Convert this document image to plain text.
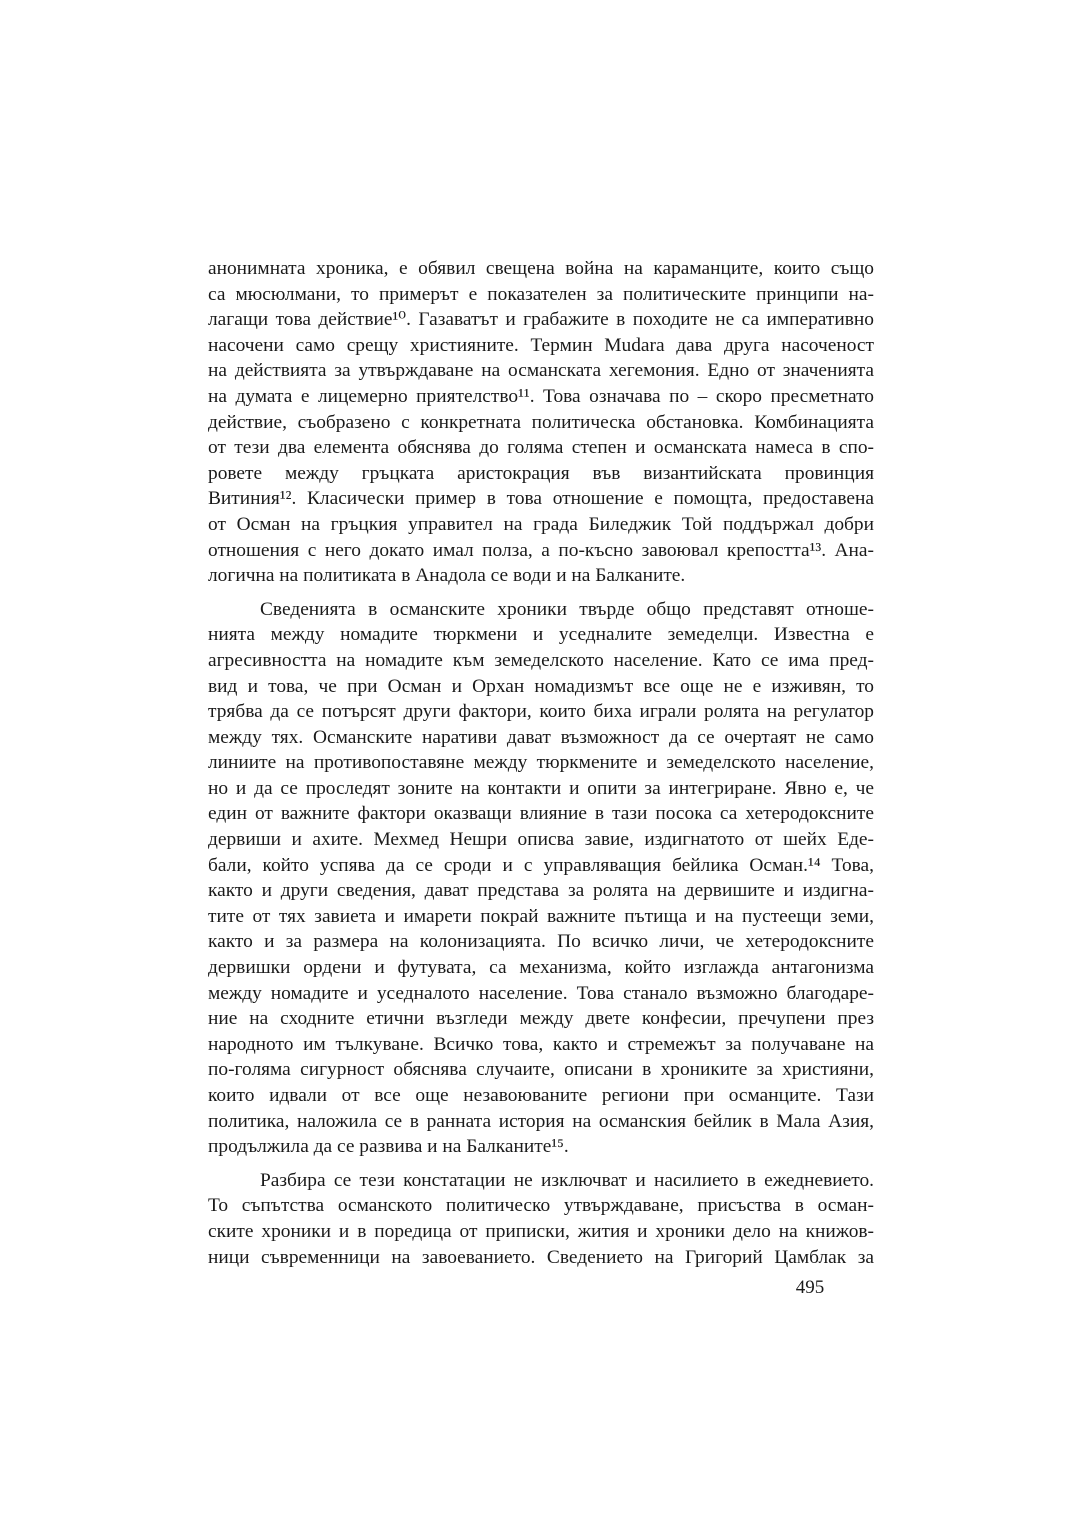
анонимната хроника, е обявил свещена война на караманците, които също
са мюсюлмани, то примерът е показателен за политическите принципи на-
лагащи това действие¹⁰. Газаватът и грабажите в походите не са императивно
насочени само срещу християните. Термин Mudara дава друга насоченост
на действията за утвърждаване на османската хегемония. Едно от значенията
на думата е лицемерно приятелство¹¹. Това означава по – скоро пресметнато
действие, съобразено с конкретната политическа обстановка. Комбинацията
от тези два елемента обяснява до голяма степен и османската намеса в спо-
ровете между гръцката аристокрация във византийската провинция
Витиния¹². Класически пример в това отношение е помощта, предоставена
от Осман на гръцкия управител на града Биледжик Той поддържал добри
отношения с него докато имал полза, а по-късно завоювал крепостта¹³. Ана-
логична на политиката в Анадола се води и на Балканите.
Сведенията в османските хроники твърде общо представят отноше-
нията между номадите тюркмени и уседналите земеделци. Известна е
агресивността на номадите към земеделското население. Като се има пред-
вид и това, че при Осман и Орхан номадизмът все още не е изживян, то
трябва да се потърсят други фактори, които биха играли ролята на регулатор
между тях. Османските наративи дават възможност да се очертаят не само
линиите на противопоставяне между тюркмените и земеделското население,
но и да се проследят зоните на контакти и опити за интегриране. Явно е, че
един от важните фактори оказващи влияние в тази посока са хетеродоксните
дервиши и ахите. Мехмед Нешри описва завие, издигнатото от шейх Еде-
бали, който успява да се сроди и с управляващия бейлика Осман.¹⁴ Това,
както и други сведения, дават представа за ролята на дервишите и издигна-
тите от тях завиета и имарети покрай важните пътища и на пустеещи земи,
както и за размера на колонизацията. По всичко личи, че хетеродоксните
дервишки ордени и футувата, са механизма, който изглажда антагонизма
между номадите и уседналото население. Това станало възможно благодаре-
ние на сходните етични възгледи между двете конфесии, пречупени през
народното им тълкуване. Всичко това, както и стремежът за получаване на
по-голяма сигурност обяснява случаите, описани в хрониките за християни,
които идвали от все още незавоюваните региони при османците. Тази
политика, наложила се в ранната история на османския бейлик в Мала Азия,
продължила да се развива и на Балканите¹⁵.
Разбира се тези констатации не изключват и насилието в ежедневието.
То съпътства османското политическо утвърждаване, присъства в осман-
ските хроники и в поредица от приписки, жития и хроники дело на книжов-
ници съвременници на завоеванието. Сведението на Григорий Цамблак за
495
